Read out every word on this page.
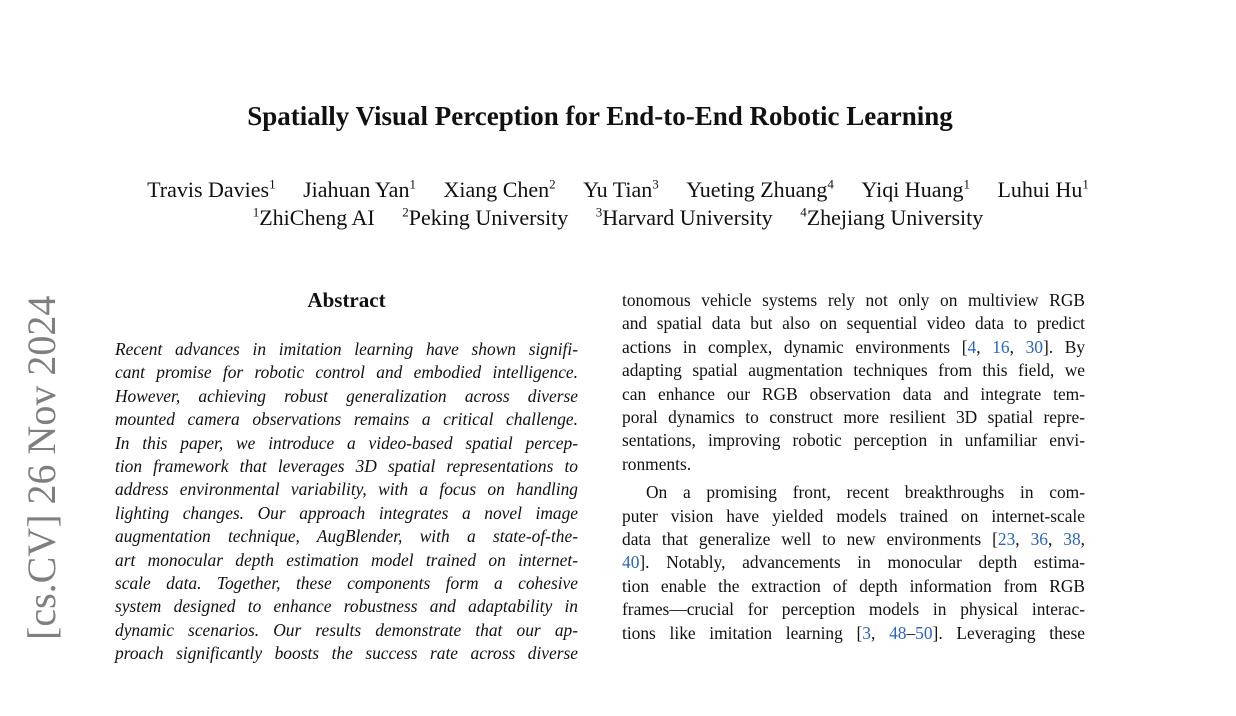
[cs.CV] 26 Nov 2024
Spatially Visual Perception for End-to-End Robotic Learning
Travis Davies$^1$ Jiahuan Yan$^1$ Xiang Chen$^2$ Yu Tian$^3$ Yueting Zhuang$^4$ Yiqi Huang$^1$ Luhui Hu$^1$
$^1$ZhiCheng AI $^2$Peking University $^3$Harvard University $^4$Zhejiang University
Abstract
Recent advances in imitation learning have shown signifi-
cant promise for robotic control and embodied intelligence.
However, achieving robust generalization across diverse
mounted camera observations remains a critical challenge.
In this paper, we introduce a video-based spatial percep-
tion framework that leverages 3D spatial representations to
address environmental variability, with a focus on handling
lighting changes. Our approach integrates a novel image
augmentation technique, AugBlender, with a state-of-the-
art monocular depth estimation model trained on internet-
scale data. Together, these components form a cohesive
system designed to enhance robustness and adaptability in
dynamic scenarios. Our results demonstrate that our ap-
proach significantly boosts the success rate across diverse
tonomous vehicle systems rely not only on multiview RGB
and spatial data but also on sequential video data to predict
actions in complex, dynamic environments [4, 16, 30]. By
adapting spatial augmentation techniques from this field, we
can enhance our RGB observation data and integrate tem-
poral dynamics to construct more resilient 3D spatial repre-
sentations, improving robotic perception in unfamiliar envi-
ronments.
On a promising front, recent breakthroughs in com-
puter vision have yielded models trained on internet-scale
data that generalize well to new environments [23, 36, 38,
40]. Notably, advancements in monocular depth estima-
tion enable the extraction of depth information from RGB
frames—crucial for perception models in physical interac-
tions like imitation learning [3, 48–50]. Leveraging these
